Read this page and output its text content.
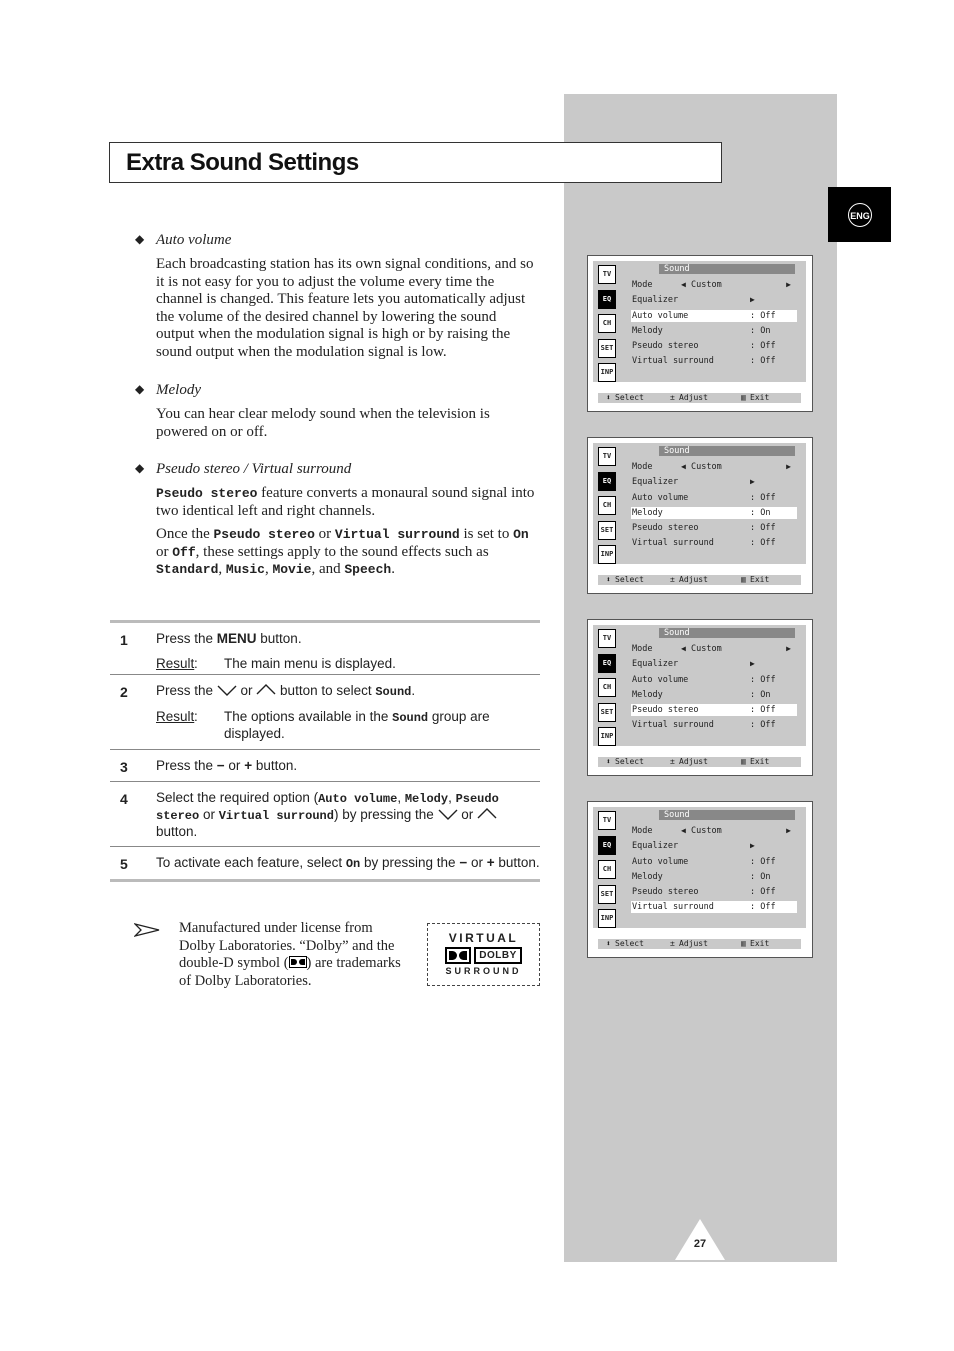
Extra Sound Settings
ENG
◆ Auto volume

Each broadcasting station has its own signal conditions, and so it is not easy for you to adjust the volume every time the channel is changed. This feature lets you automatically adjust the volume of the desired channel by lowering the sound output when the modulation signal is high or by raising the sound output when the modulation signal is low.

◆ Melody

You can hear clear melody sound when the television is powered on or off.

◆ Pseudo stereo / Virtual surround

Pseudo stereo feature converts a monaural sound signal into two identical left and right channels.

Once the Pseudo stereo or Virtual surround is set to On or Off, these settings apply to the sound effects such as Standard, Music, Movie, and Speech.

1 Press the MENU button.
Result : The main menu is displayed.

2 Press the  or  button to select Sound.
Result : The options available in the Sound group are displayed.
3 Press the − or + button.
4 Select the required option (Auto volume, Melody, Pseudo stereo or Virtual surround) by pressing the  or  button.
5 To activate each feature, select On by pressing the − or + button.
Manufactured under license from Dolby Laboratories. “Dolby” and the double-D symbol ( ) are trademarks of Dolby Laboratories.
VIRTUAL
DOLBY
SURROUND
TV
EQ
CH
SET
INP
Sound
Mode	◀ Custom	▶
Equalizer	▶
Auto volume	: Off
Melody	: On
Pseudo stereo	: Off
Virtual surround	: Off
⬍ Select	± Adjust	▥ Exit
TV
EQ
CH
SET
INP
Sound
Mode	◀ Custom	▶
Equalizer	▶
Auto volume	: Off
Melody	: On
Pseudo stereo	: Off
Virtual surround	: Off
⬍ Select	± Adjust	▥ Exit
TV
EQ
CH
SET
INP
Sound
Mode	◀ Custom	▶
Equalizer	▶
Auto volume	: Off
Melody	: On
Pseudo stereo	: Off
Virtual surround	: Off
⬍ Select	± Adjust	▥ Exit
TV
EQ
CH
SET
INP
Sound
Mode	◀ Custom	▶
Equalizer	▶
Auto volume	: Off
Melody	: On
Pseudo stereo	: Off
Virtual surround	: Off
⬍ Select	± Adjust	▥ Exit
27
